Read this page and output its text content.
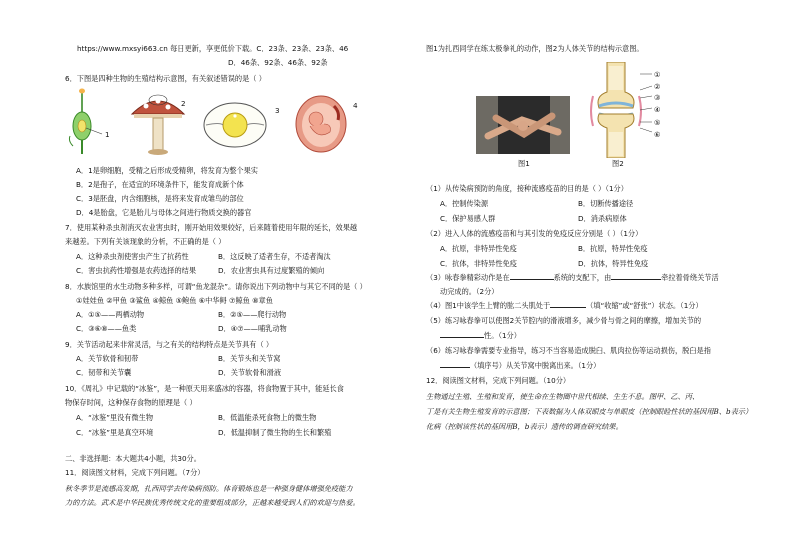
https://www.mxsyi663.cn 每日更新，享更低价下载。C．23条、23条、23条、46
条 D．46条、92条、46条、92条	D．46条、92条、46条、92条
6．下图是四种生物的生殖结构示意图，有关叙述错误的是（ ）
1
2
3
4
A．1是卵细胞，受精之后形成受精卵，将发育为整个果实
B．2是孢子，在适宜的环境条件下，能发育成新个体
C．3是胚盘，内含细胞核，是将来发育成雏鸟的部位
D．4是胎盘，它是胎儿与母体之间进行物质交换的器官
7．使用某种杀虫剂消灭农业害虫时，刚开始用效果较好，后来随着使用年限的延长，效果越
来越差。下列有关该现象的分析，不正确的是（ ）
A．这种杀虫剂使害虫产生了抗药性	B．这反映了适者生存，不适者淘汰
C．害虫抗药性增强是农药选择的结果	D．农业害虫具有过度繁殖的倾向
8．水族馆里的水生动物多种多样，可谓“鱼龙混杂”。请你说出下列动物中与其它不同的是（ ）
①娃娃鱼 ②甲鱼 ③鲨鱼 ④鲸鱼 ⑤鲍鱼 ⑥中华鲟 ⑦鲸鱼 ⑧章鱼
A．①⑤——两栖动物	B．②⑤——爬行动物
C．③⑥⑧——鱼类	D．④⑦——哺乳动物
9．关节活动起来非常灵活，与之有关的结构特点是关节具有（ ）
A．关节软骨和韧带	B．关节头和关节窝
C．韧带和关节囊	D．关节软骨和滑液
10．《周礼》中记载的“冰鉴”，是一种原天用来盛冰的容器，将食物置于其中，能延长食
物保存时间，这种保存食物的原理是（ ）
A．“冰鉴”里没有微生物	B．低温能杀死食物上的微生物
C．“冰鉴”里是真空环境	D．低温抑制了微生物的生长和繁殖
二、非选择题：本大题共4小题，共30分。
11．阅读图文材料，完成下列问题。（7分）
秋冬季节是流感高发期，扎西同学去传染病预防。体育锻炼也是一种强身健体增强免疫能力
力的方法。武术是中华民族优秀传统文化的重要组成部分，正越来越受到人们的欢迎与热爱。
图1为扎西同学在练太极拳礼的动作，图2为人体关节的结构示意图。
图1
①
②
③
④
⑤
⑥
图2
（1）从传染病预防的角度，接种流感疫苗的目的是（ ）（1分）
A．控制传染源	B．切断传播途径
C．保护易感人群	D．消杀病原体
（2）进入人体的流感疫苗和与其引发的免疫反应分别是（ ）（1分）
A．抗原，非特异性免疫	B．抗原，特异性免疫
C．抗体，非特异性免疫	D．抗体，特异性免疫
（3）咏春拳精彩动作是在	系统的支配下，由	牵拉着骨绕关节活
动完成的。（2分）
（4）图1中该学生上臂的肱二头肌处于	（填“收缩”或“舒张”）状态。（1分）
（5）练习咏春拳可以使图2关节腔内的滑液增多，减少骨与骨之间的摩擦，增加关节的
性。（1分）
（6）练习咏春拳需要专业指导，练习不当容易造成脱臼、肌肉拉伤等运动损伤，脱臼是指
（填序号）从关节窝中脱离出来。（1分）
12．阅读图文材料，完成下列问题。（10分）
生物通过生殖、生殖和发育，使生命在生物圈中世代相续、生生不息。图甲、乙、丙、
丁是有关生物生殖发育的示意图；下表数据为人体双眼皮与单眼皮（控制眼睑性状的基因用B、b表示）
化病（控制该性状的基因用B，b表示）遗传的调查研究结果。
